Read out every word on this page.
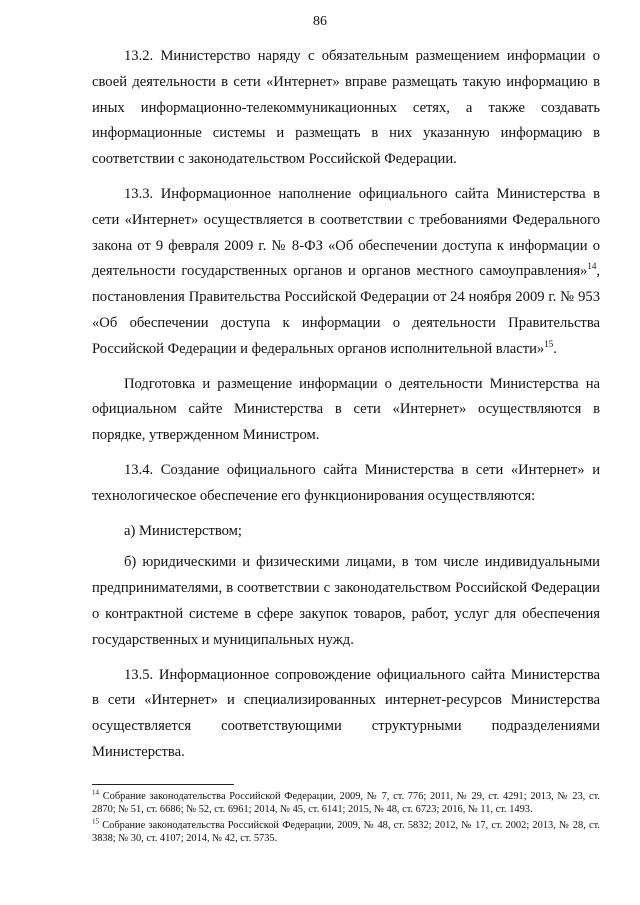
86

13.2. Министерство наряду с обязательным размещением информации о своей деятельности в сети «Интернет» вправе размещать такую информацию в иных информационно-телекоммуникационных сетях, а также создавать информационные системы и размещать в них указанную информацию в соответствии с законодательством Российской Федерации.

13.3. Информационное наполнение официального сайта Министерства в сети «Интернет» осуществляется в соответствии с требованиями Федерального закона от 9 февраля 2009 г. № 8-ФЗ «Об обеспечении доступа к информации о деятельности государственных органов и органов местного самоуправления»$^{14}$, постановления Правительства Российской Федерации от 24 ноября 2009 г. № 953 «Об обеспечении доступа к информации о деятельности Правительства Российской Федерации и федеральных органов исполнительной власти»$^{15}$.

Подготовка и размещение информации о деятельности Министерства на официальном сайте Министерства в сети «Интернет» осуществляются в порядке, утвержденном Министром.

13.4. Создание официального сайта Министерства в сети «Интернет» и технологическое обеспечение его функционирования осуществляются:

а) Министерством;

б) юридическими и физическими лицами, в том числе индивидуальными предпринимателями, в соответствии с законодательством Российской Федерации о контрактной системе в сфере закупок товаров, работ, услуг для обеспечения государственных и муниципальных нужд.

13.5. Информационное сопровождение официального сайта Министерства в сети «Интернет» и специализированных интернет-ресурсов Министерства осуществляется соответствующими структурными подразделениями Министерства.

$^{14}$ Собрание законодательства Российской Федерации, 2009, № 7, ст. 776; 2011, № 29, ст. 4291; 2013, № 23, ст. 2870; № 51, ст. 6686; № 52, ст. 6961; 2014, № 45, ст. 6141; 2015, № 48, ст. 6723; 2016, № 11, ст. 1493.

$^{15}$ Собрание законодательства Российской Федерации, 2009, № 48, ст. 5832; 2012, № 17, ст. 2002; 2013, № 28, ст. 3838; № 30, ст. 4107; 2014, № 42, ст. 5735.
